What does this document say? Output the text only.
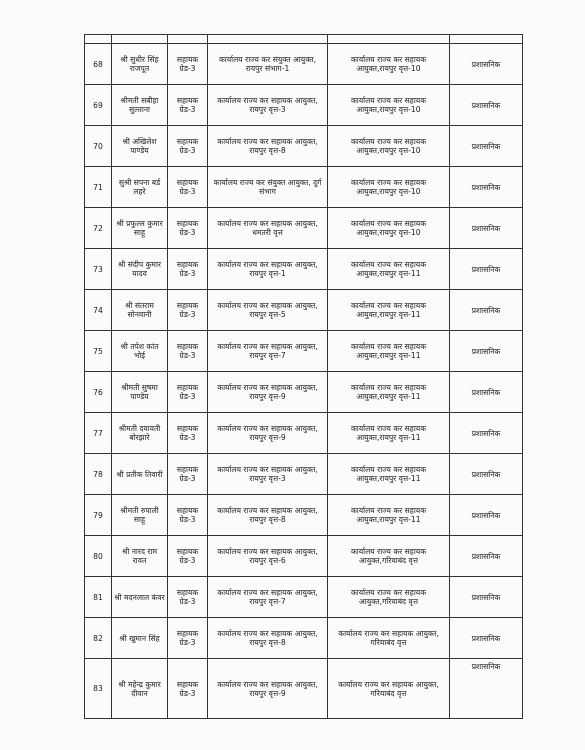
68	श्री सुधीर सिंह राजपूत	सहायक ग्रेड-3	कार्यालय राज्य कर संयुक्त आयुक्त, रायपुर संभाग-1	कार्यालय राज्य कर सहायक आयुक्त,रायपुर वृत्त-10	प्रशासनिक
69	श्रीमती सबीहा सुल्ताना	सहायक ग्रेड-3	कार्यालय राज्य कर सहायक आयुक्त, रायपुर वृत्त-3	कार्यालय राज्य कर सहायक आयुक्त,रायपुर वृत्त-10	प्रशासनिक
70	श्री अखिलेश पाण्डेय	सहायक ग्रेड-3	कार्यालय राज्य कर सहायक आयुक्त, रायपुर वृत्त-8	कार्यालय राज्य कर सहायक आयुक्त,रायपुर वृत्त-10	प्रशासनिक
71	सुश्री सपना बर्ड लहरे	सहायक ग्रेड-3	कार्यालय राज्य कर संयुक्त आयुक्त, दुर्ग संभाग	कार्यालय राज्य कर सहायक आयुक्त,रायपुर वृत्त-10	प्रशासनिक
72	श्री प्रफुल्ल कुमार साहू	सहायक ग्रेड-3	कार्यालय राज्य कर सहायक आयुक्त, धमतरी वृत्त	कार्यालय राज्य कर सहायक आयुक्त,रायपुर वृत्त-10	प्रशासनिक
73	श्री संदीप कुमार यादव	सहायक ग्रेड-3	कार्यालय राज्य कर सहायक आयुक्त, रायपुर वृत्त-1	कार्यालय राज्य कर सहायक आयुक्त,रायपुर वृत्त-11	प्रशासनिक
74	श्री संतराम सोनवानी	सहायक ग्रेड-3	कार्यालय राज्य कर सहायक आयुक्त, रायपुर वृत्त-5	कार्यालय राज्य कर सहायक आयुक्त,रायपुर वृत्त-11	प्रशासनिक
75	श्री तपेश कांत भोई	सहायक ग्रेड-3	कार्यालय राज्य कर सहायक आयुक्त, रायपुर वृत्त-7	कार्यालय राज्य कर सहायक आयुक्त,रायपुर वृत्त-11	प्रशासनिक
76	श्रीमती सुषमा पाण्डेय	सहायक ग्रेड-3	कार्यालय राज्य कर सहायक आयुक्त, रायपुर वृत्त-9	कार्यालय राज्य कर सहायक आयुक्त,रायपुर वृत्त-11	प्रशासनिक
77	श्रीमती दयावती बोरझारे	सहायक ग्रेड-3	कार्यालय राज्य कर सहायक आयुक्त, रायपुर वृत्त-9	कार्यालय राज्य कर सहायक आयुक्त,रायपुर वृत्त-11	प्रशासनिक
78	श्री प्रतीक तिवारी	सहायक ग्रेड-3	कार्यालय राज्य कर सहायक आयुक्त, रायपुर वृत्त-3	कार्यालय राज्य कर सहायक आयुक्त,रायपुर वृत्त-11	प्रशासनिक
79	श्रीमती रुपाली साहू	सहायक ग्रेड-3	कार्यालय राज्य कर सहायक आयुक्त, रायपुर वृत्त-8	कार्यालय राज्य कर सहायक आयुक्त,रायपुर वृत्त-11	प्रशासनिक
80	श्री नारद राम रावत	सहायक ग्रेड-3	कार्यालय राज्य कर सहायक आयुक्त, रायपुर वृत्त-6	कार्यालय राज्य कर सहायक आयुक्त,गरियाबंद वृत्त	प्रशासनिक
81	श्री मदनलाल कंवर	सहायक ग्रेड-3	कार्यालय राज्य कर सहायक आयुक्त, रायपुर वृत्त-7	कार्यालय राज्य कर सहायक आयुक्त,गरियाबंद वृत्त	प्रशासनिक
82	श्री खुमान सिंह	सहायक ग्रेड-3	कार्यालय राज्य कर सहायक आयुक्त, रायपुर वृत्त-8	कार्यालय राज्य कर सहायक आयुक्त, गरियाबंद वृत्त	प्रशासनिक
83	श्री महेन्द्र कुमार दीवान	सहायक ग्रेड-3	कार्यालय राज्य कर सहायक आयुक्त, रायपुर वृत्त-9	कार्यालय राज्य कर सहायक आयुक्त, गरियाबंद वृत्त	प्रशासनिक
